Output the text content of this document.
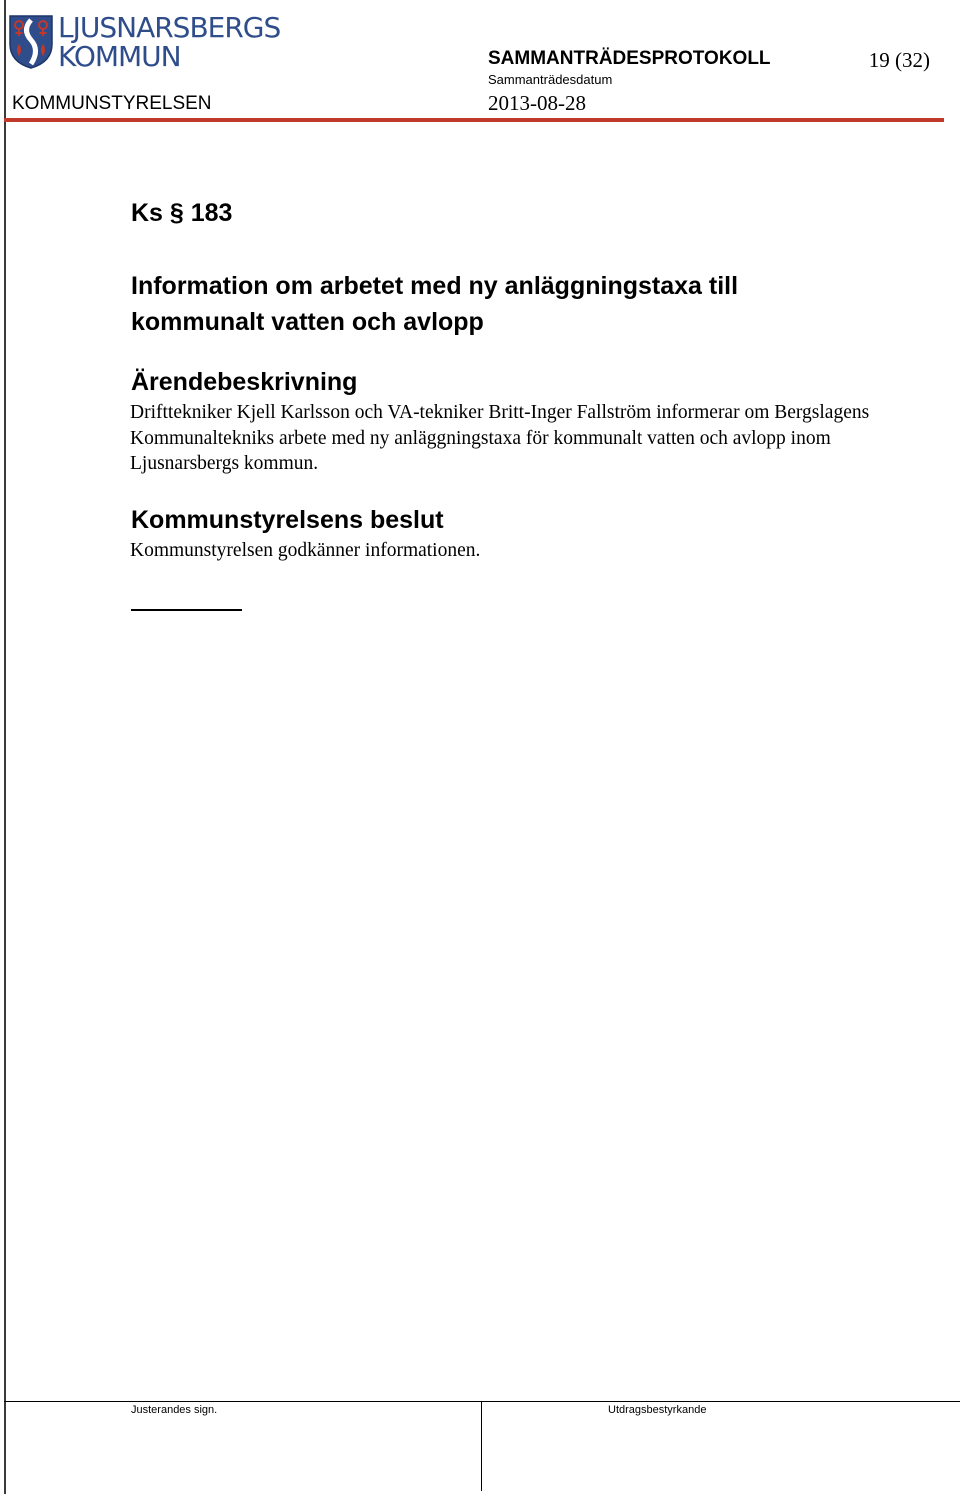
LJUSNARSBERGS
KOMMUN
KOMMUNSTYRELSEN
SAMMANTRÄDESPROTOKOLL
Sammanträdesdatum
2013-08-28
19 (32)
Ks § 183
Information om arbetet med ny anläggningstaxa till kommunalt vatten och avlopp
Ärendebeskrivning
Drifttekniker Kjell Karlsson och VA-tekniker Britt-Inger Fallström informerar om Bergslagens Kommunaltekniks arbete med ny anläggningstaxa för kommunalt vatten och avlopp inom Ljusnarsbergs kommun.
Kommunstyrelsens beslut
Kommunstyrelsen godkänner informationen.
Justerandes sign.	Utdragsbestyrkande
